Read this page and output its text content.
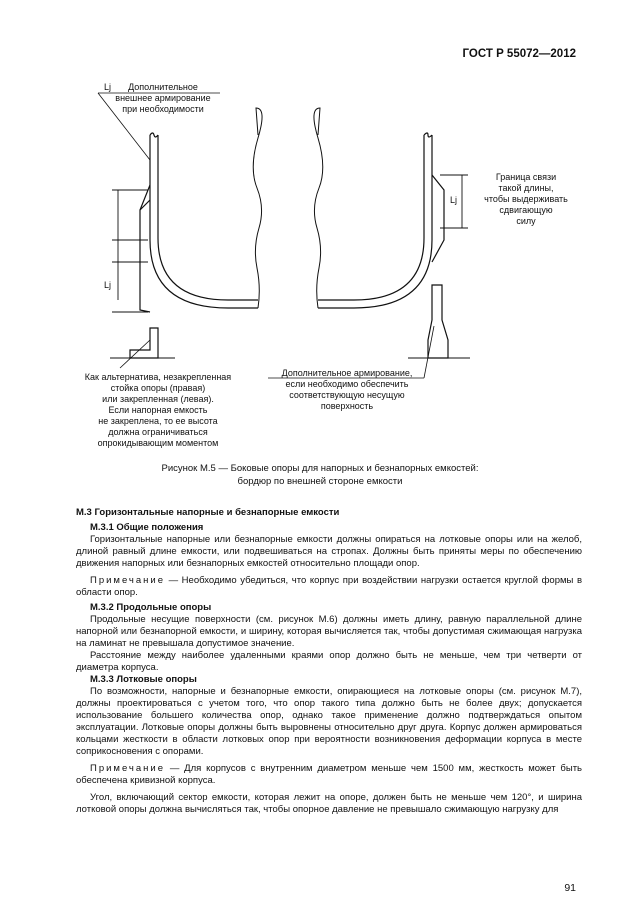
ГОСТ Р 55072—2012
Lj
Lj
Lj
Дополнительное
внешнее армирование
при необходимости
Граница связи
такой длины,
чтобы выдерживать
сдвигающую
силу
Как альтернатива, незакрепленная
стойка опоры (правая)
или закрепленная (левая).
Если напорная емкость
не закреплена, то ее высота
должна ограничиваться
опрокидывающим моментом
Дополнительное армирование,
если необходимо обеспечить
соответствующую несущую
поверхность
Рисунок М.5 — Боковые опоры для напорных и безнапорных емкостей:
бордюр по внешней стороне емкости

М.3 Горизонтальные напорные и безнапорные емкости

М.3.1 Общие положения

Горизонтальные напорные или безнапорные емкости должны опираться на лотковые опоры или на желоб, длиной равный длине емкости, или подвешиваться на стропах. Должны быть приняты меры по обеспечению движения напорных или безнапорных емкостей относительно площади опор.

Примечание — Необходимо убедиться, что корпус при воздействии нагрузки остается круглой формы в области опор.

М.3.2 Продольные опоры

Продольные несущие поверхности (см. рисунок М.6) должны иметь длину, равную параллельной длине напорной или безнапорной емкости, и ширину, которая вычисляется так, чтобы допустимая сжимающая нагрузка на ламинат не превышала допустимое значение.

Расстояние между наиболее удаленными краями опор должно быть не меньше, чем три четверти от диаметра корпуса.

М.3.3 Лотковые опоры

По возможности, напорные и безнапорные емкости, опирающиеся на лотковые опоры (см. рисунок М.7), должны проектироваться с учетом того, что опор такого типа должно быть не более двух; допускается использование большего количества опор, однако такое применение должно подтверждаться опытом эксплуатации. Лотковые опоры должны быть выровнены относительно друг друга. Корпус должен армироваться кольцами жесткости в области лотковых опор при вероятности возникновения деформации корпуса в месте соприкосновения с опорами.

Примечание — Для корпусов с внутренним диаметром меньше чем 1500 мм, жесткость может быть обеспечена кривизной корпуса.

Угол, включающий сектор емкости, которая лежит на опоре, должен быть не меньше чем 120°, и ширина лотковой опоры должна вычисляться так, чтобы опорное давление не превышало сжимающую нагрузку для

91
